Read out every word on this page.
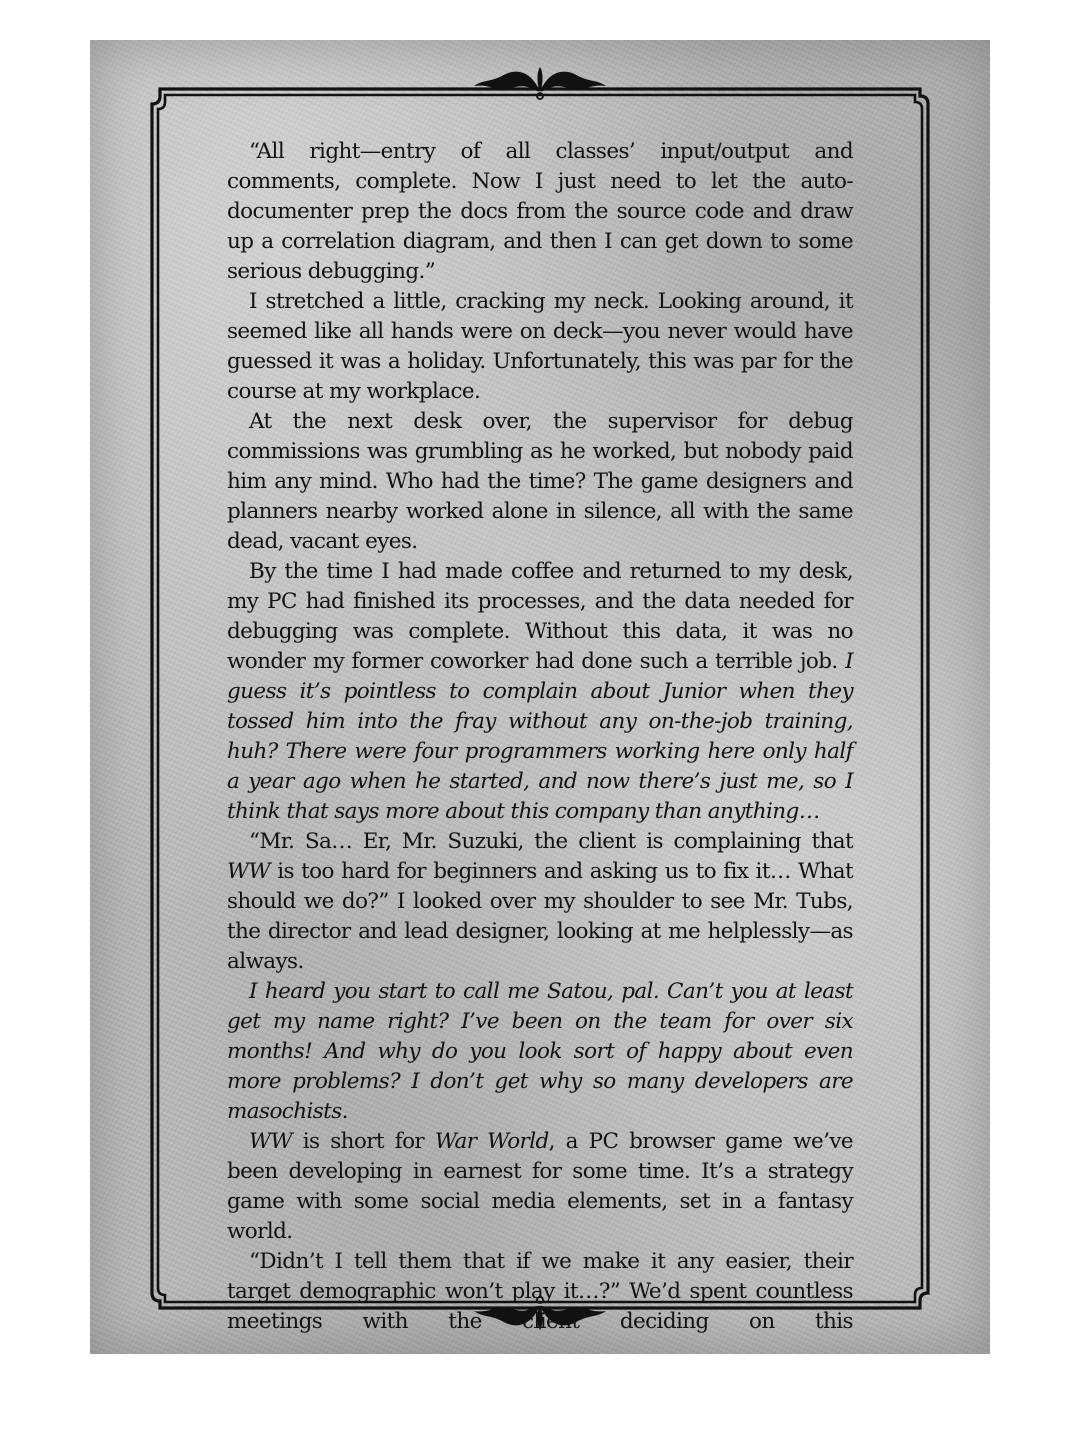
“All right—entry of all classes’ input/output and comments, complete. Now I just need to let the auto-documenter prep the docs from the source code and draw up a correlation diagram, and then I can get down to some serious debugging.”

I stretched a little, cracking my neck. Looking around, it seemed like all hands were on deck—you never would have guessed it was a holiday. Unfortunately, this was par for the course at my workplace.

At the next desk over, the supervisor for debug commissions was grumbling as he worked, but nobody paid him any mind. Who had the time? The game designers and planners nearby worked alone in silence, all with the same dead, vacant eyes.

By the time I had made coffee and returned to my desk, my PC had finished its processes, and the data needed for debugging was complete. Without this data, it was no wonder my former coworker had done such a terrible job. I guess it’s pointless to complain about Junior when they tossed him into the fray without any on-the-job training, huh? There were four programmers working here only half a year ago when he started, and now there’s just me, so I think that says more about this company than anything…

“Mr. Sa… Er, Mr. Suzuki, the client is complaining that WW is too hard for beginners and asking us to fix it… What should we do?” I looked over my shoulder to see Mr. Tubs, the director and lead designer, looking at me helplessly—as always.

I heard you start to call me Satou, pal. Can’t you at least get my name right? I’ve been on the team for over six months! And why do you look sort of happy about even more problems? I don’t get why so many developers are masochists.

WW is short for War World, a PC browser game we’ve been developing in earnest for some time. It’s a strategy game with some social media elements, set in a fantasy world.

“Didn’t I tell them that if we make it any easier, their target demographic won’t play it…?” We’d spent countless meetings with the client deciding on this
